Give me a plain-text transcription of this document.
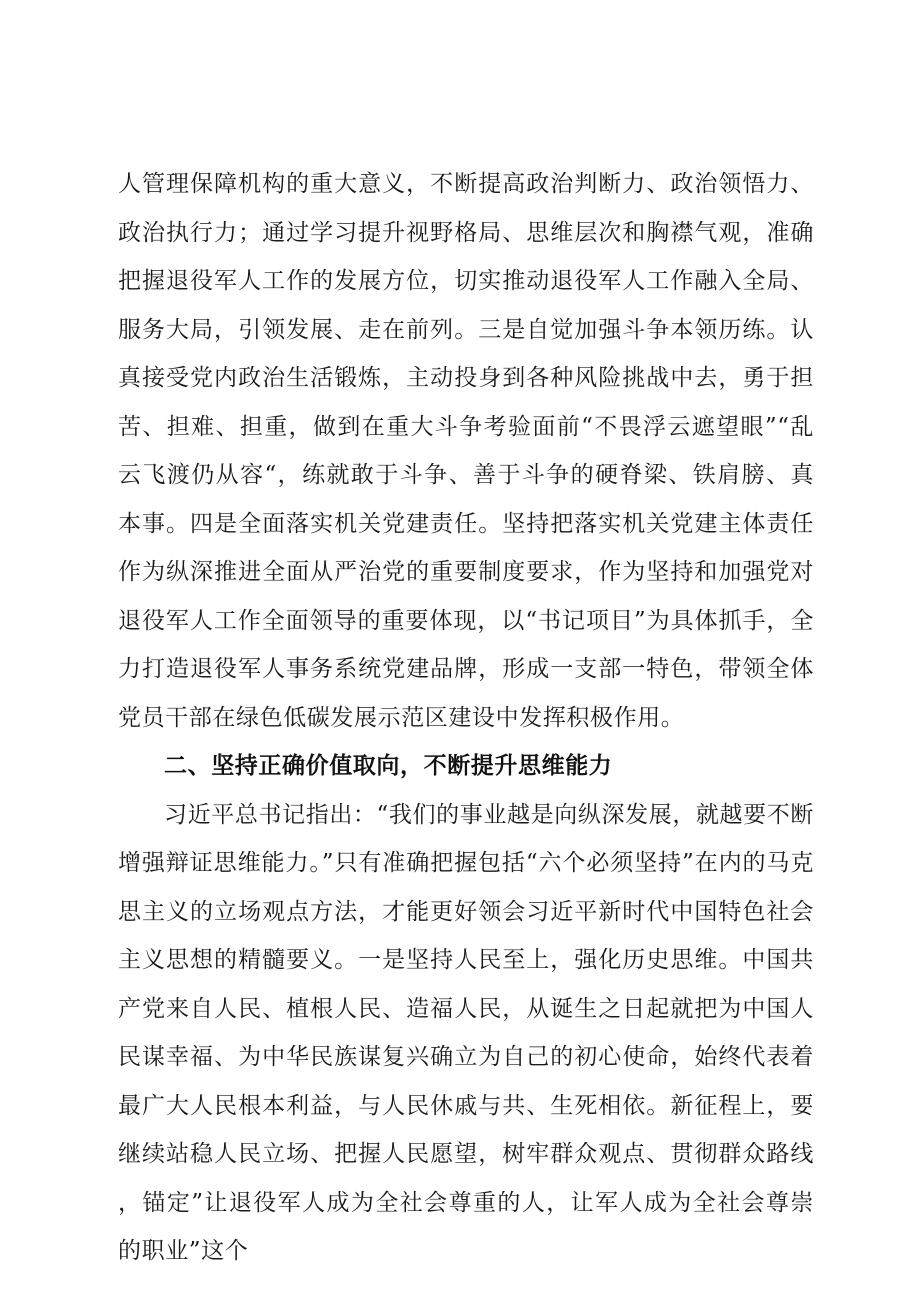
人管理保障机构的重大意义，不断提高政治判断力、政治领悟力、政治执行力；通过学习提升视野格局、思维层次和胸襟气观，准确把握退役军人工作的发展方位，切实推动退役军人工作融入全局、服务大局，引领发展、走在前列。三是自觉加强斗争本领历练。认真接受党内政治生活锻炼，主动投身到各种风险挑战中去，勇于担苦、担难、担重，做到在重大斗争考验面前“不畏浮云遮望眼”“乱云飞渡仍从容“，练就敢于斗争、善于斗争的硬脊梁、铁肩膀、真本事。四是全面落实机关党建责任。坚持把落实机关党建主体责任作为纵深推进全面从严治党的重要制度要求，作为坚持和加强党对退役军人工作全面领导的重要体现，以“书记项目”为具体抓手，全力打造退役军人事务系统党建品牌，形成一支部一特色，带领全体党员干部在绿色低碳发展示范区建设中发挥积极作用。

二、坚持正确价值取向，不断提升思维能力

习近平总书记指出：“我们的事业越是向纵深发展，就越要不断增强辩证思维能力。”只有准确把握包括“六个必须坚持”在内的马克思主义的立场观点方法，才能更好领会习近平新时代中国特色社会主义思想的精髓要义。一是坚持人民至上，强化历史思维。中国共产党来自人民、植根人民、造福人民，从诞生之日起就把为中国人民谋幸福、为中华民族谋复兴确立为自己的初心使命，始终代表着最广大人民根本利益，与人民休戚与共、生死相依。新征程上，要继续站稳人民立场、把握人民愿望，树牢群众观点、贯彻群众路线，锚定”让退役军人成为全社会尊重的人，让军人成为全社会尊崇的职业”这个
